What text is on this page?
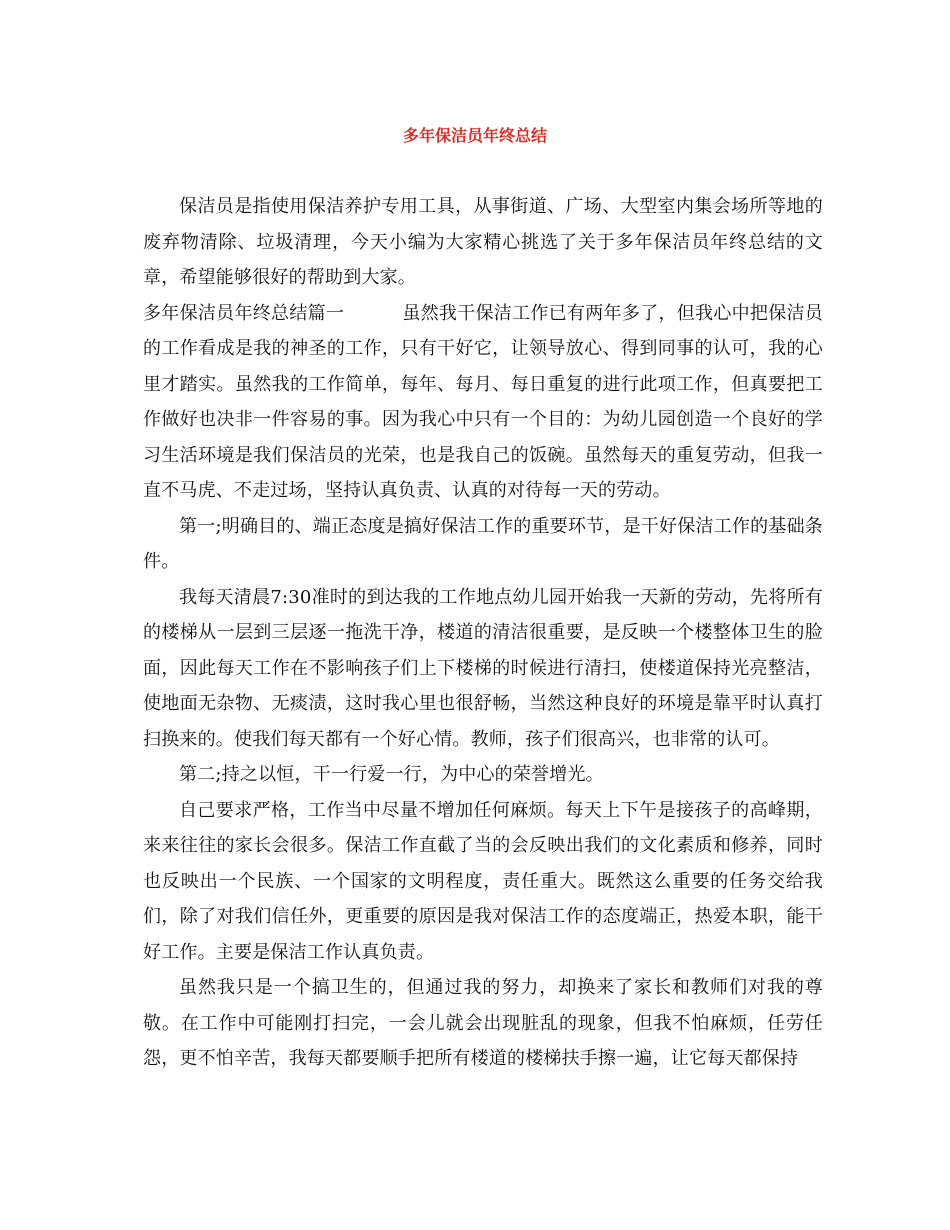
多年保洁员年终总结

保洁员是指使用保洁养护专用工具，从事街道、广场、大型室内集会场所等地的废弃物清除、垃圾清理，今天小编为大家精心挑选了关于多年保洁员年终总结的文章，希望能够很好的帮助到大家。

多年保洁员年终总结篇一	虽然我干保洁工作已有两年多了，但我心中把保洁员的工作看成是我的神圣的工作，只有干好它，让领导放心、得到同事的认可，我的心里才踏实。虽然我的工作简单，每年、每月、每日重复的进行此项工作，但真要把工作做好也决非一件容易的事。因为我心中只有一个目的：为幼儿园创造一个良好的学习生活环境是我们保洁员的光荣，也是我自己的饭碗。虽然每天的重复劳动，但我一直不马虎、不走过场，坚持认真负责、认真的对待每一天的劳动。

第一;明确目的、端正态度是搞好保洁工作的重要环节，是干好保洁工作的基础条件。

我每天清晨7:30准时的到达我的工作地点幼儿园开始我一天新的劳动，先将所有的楼梯从一层到三层逐一拖洗干净，楼道的清洁很重要，是反映一个楼整体卫生的脸面，因此每天工作在不影响孩子们上下楼梯的时候进行清扫，使楼道保持光亮整洁，使地面无杂物、无痰渍，这时我心里也很舒畅，当然这种良好的环境是靠平时认真打扫换来的。使我们每天都有一个好心情。教师，孩子们很高兴，也非常的认可。

第二;持之以恒，干一行爱一行，为中心的荣誉增光。

自己要求严格，工作当中尽量不增加任何麻烦。每天上下午是接孩子的高峰期，来来往往的家长会很多。保洁工作直截了当的会反映出我们的文化素质和修养，同时也反映出一个民族、一个国家的文明程度，责任重大。既然这么重要的任务交给我们，除了对我们信任外，更重要的原因是我对保洁工作的态度端正，热爱本职，能干好工作。主要是保洁工作认真负责。

虽然我只是一个搞卫生的，但通过我的努力，却换来了家长和教师们对我的尊敬。在工作中可能刚打扫完，一会儿就会出现脏乱的现象，但我不怕麻烦，任劳任怨，更不怕辛苦，我每天都要顺手把所有楼道的楼梯扶手擦一遍，让它每天都保持
